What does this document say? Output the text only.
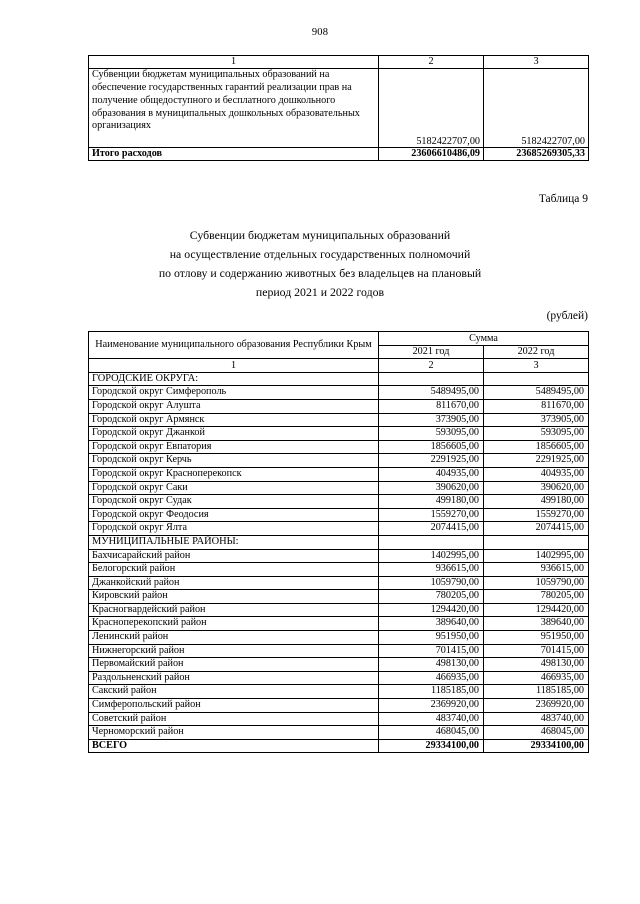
908
1	2	3
Субвенции бюджетам муниципальных образований на обеспечение государственных гарантий реализации прав на получение общедоступного и бесплатного дошкольного образования в муниципальных дошкольных образовательных организациях	5182422707,00	5182422707,00
Итого расходов	23606610486,09	23685269305,33
Таблица 9
Субвенции бюджетам муниципальных образований
на осуществление отдельных государственных полномочий
по отлову и содержанию животных без владельцев на плановый
период 2021 и 2022 годов
(рублей)
Наименование муниципального образования Республики Крым	Сумма	
	2021 год	2022 год
1	2	3
ГОРОДСКИЕ ОКРУГА:		
Городской округ Симферополь	5489495,00	5489495,00
Городской округ Алушта	811670,00	811670,00
Городской округ Армянск	373905,00	373905,00
Городской округ Джанкой	593095,00	593095,00
Городской округ Евпатория	1856605,00	1856605,00
Городской округ Керчь	2291925,00	2291925,00
Городской округ Красноперекопск	404935,00	404935,00
Городской округ Саки	390620,00	390620,00
Городской округ Судак	499180,00	499180,00
Городской округ Феодосия	1559270,00	1559270,00
Городской округ Ялта	2074415,00	2074415,00
МУНИЦИПАЛЬНЫЕ РАЙОНЫ:		
Бахчисарайский район	1402995,00	1402995,00
Белогорский район	936615,00	936615,00
Джанкойский район	1059790,00	1059790,00
Кировский район	780205,00	780205,00
Красногвардейский район	1294420,00	1294420,00
Красноперекопский район	389640,00	389640,00
Ленинский район	951950,00	951950,00
Нижнегорский район	701415,00	701415,00
Первомайский район	498130,00	498130,00
Раздольненский район	466935,00	466935,00
Сакский район	1185185,00	1185185,00
Симферопольский район	2369920,00	2369920,00
Советский район	483740,00	483740,00
Черноморский район	468045,00	468045,00
ВСЕГО	29334100,00	29334100,00
